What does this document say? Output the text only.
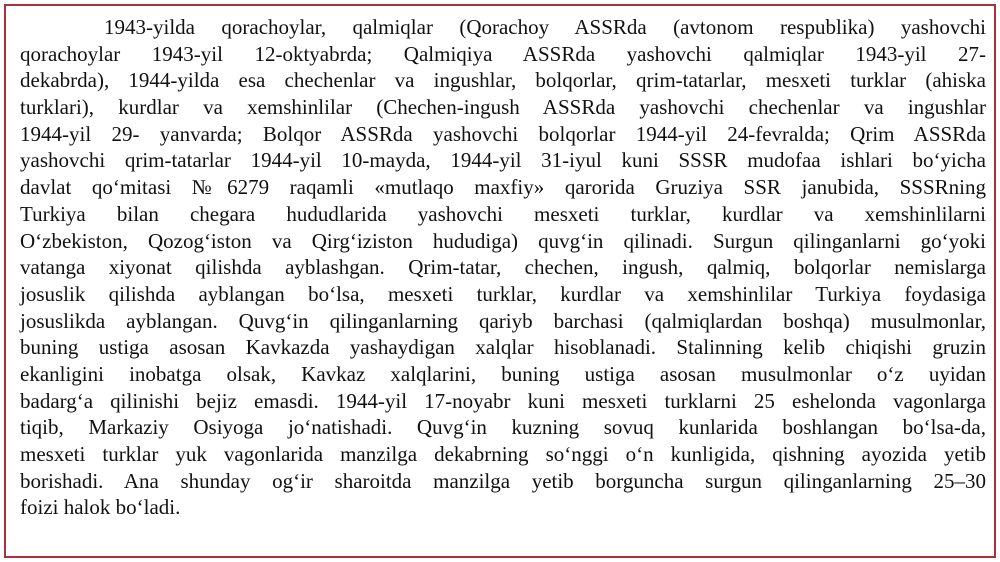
1943-yilda qorachoylar, qalmiqlar (Qorachoy ASSRda (avtonom respublika) yashovchi
qorachoylar 1943-yil 12-oktyabrda; Qalmiqiya ASSRda yashovchi qalmiqlar 1943-yil 27-
dekabrda), 1944-yilda esa chechenlar va ingushlar, bolqorlar, qrim-tatarlar, mesxeti turklar (ahiska
turklari), kurdlar va xemshinlilar (Chechen-ingush ASSRda yashovchi chechenlar va ingushlar
1944-yil 29- yanvarda; Bolqor ASSRda yashovchi bolqorlar 1944-yil 24-fevralda; Qrim ASSRda
yashovchi qrim-tatarlar 1944-yil 10-mayda, 1944-yil 31-iyul kuni SSSR mudofaa ishlari bo‘yicha
davlat qo‘mitasi №6279 raqamli «mutlaqo maxfiy» qarorida Gruziya SSR janubida, SSSRning
Turkiya bilan chegara hududlarida yashovchi mesxeti turklar, kurdlar va xemshinlilarni
O‘zbekiston, Qozog‘iston va Qirg‘iziston hududiga) quvg‘in qilinadi. Surgun qilinganlarni go‘yoki
vatanga xiyonat qilishda ayblashgan. Qrim-tatar, chechen, ingush, qalmiq, bolqorlar nemislarga
josuslik qilishda ayblangan bo‘lsa, mesxeti turklar, kurdlar va xemshinlilar Turkiya foydasiga
josuslikda ayblangan. Quvg‘in qilinganlarning qariyb barchasi (qalmiqlardan boshqa) musulmonlar,
buning ustiga asosan Kavkazda yashaydigan xalqlar hisoblanadi. Stalinning kelib chiqishi gruzin
ekanligini inobatga olsak, Kavkaz xalqlarini, buning ustiga asosan musulmonlar o‘z uyidan
badarg‘a qilinishi bejiz emasdi. 1944-yil 17-noyabr kuni mesxeti turklarni 25 eshelonda vagonlarga
tiqib, Markaziy Osiyoga jo‘natishadi. Quvg‘in kuzning sovuq kunlarida boshlangan bo‘lsa-da,
mesxeti turklar yuk vagonlarida manzilga dekabrning so‘nggi o‘n kunligida, qishning ayozida yetib
borishadi. Ana shunday og‘ir sharoitda manzilga yetib borguncha surgun qilinganlarning 25–30
foizi halok bo‘ladi.
